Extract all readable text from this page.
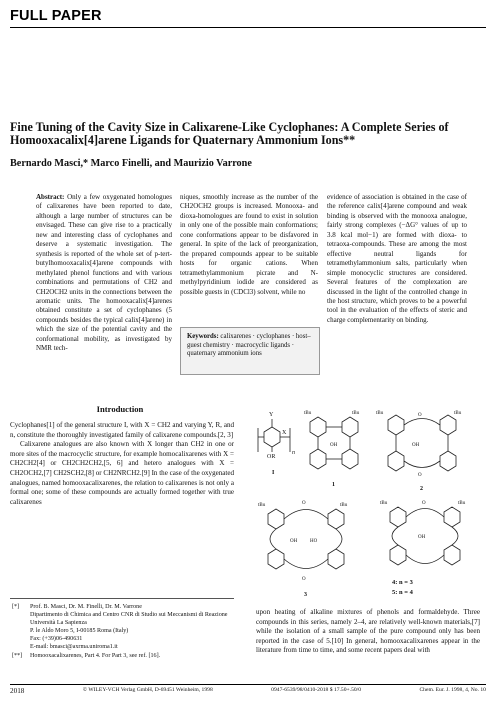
FULL PAPER
Fine Tuning of the Cavity Size in Calixarene-Like Cyclophanes: A Complete Series of Homooxacalix[4]arene Ligands for Quaternary Ammonium Ions**
Bernardo Masci,* Marco Finelli, and Maurizio Varrone
Abstract: Only a few oxygenated homologues of calixarenes have been reported to date, although a large number of structures can be envisaged. These can give rise to a practically new and interesting class of cyclophanes and deserve a systematic investigation. The synthesis is reported of the whole set of p-tert-butylhomooxacalix[4]arene compounds with methylated phenol functions and with various combinations and permutations of CH2 and CH2OCH2 units in the connections between the aromatic units. The homooxacalix[4]arenes obtained constitute a set of cyclophanes (5 compounds besides the typical calix[4]arene) in which the size of the potential cavity and the conformational mobility, as investigated by NMR tech-
niques, smoothly increase as the number of the CH2OCH2 groups is increased. Monooxa- and dioxa-homologues are found to exist in solution in only one of the possible main conformations; cone conformations appear to be disfavored in general. In spite of the lack of preorganization, the prepared compounds appear to be suitable hosts for organic cations. When tetramethylammonium picrate and N-methylpyridinium iodide are considered as possible guests in (CDCl3) solvent, while no
evidence of association is obtained in the case of the reference calix[4]arene compound and weak binding is observed with the monooxa analogue, fairly strong complexes (−ΔG° values of up to 3.8 kcal mol−1) are formed with dioxa- to tetraoxa-compounds. These are among the most effective neutral ligands for tetramethylammonium salts, particularly when simple monocyclic structures are considered. Several features of the complexation are discussed in the light of the controlled change in the host structure, which proves to be a powerful tool in the evaluation of the effects of steric and charge complementarity on binding.
Keywords: calixarenes · cyclophanes · host–guest chemistry · macrocyclic ligands · quaternary ammonium ions
Introduction

Cyclophanes[1] of the general structure I, with X = CH2 and varying Y, R, and n, constitute the thoroughly investigated family of calixarene compounds.[2, 3]

Calixarene analogues are also known with X longer than CH2 in one or more sites of the macrocyclic structure, for example homocalixarenes with X = CH2CH2[4] or CH2CH2CH2,[5, 6] and hetero analogues with X = CH2OCH2,[7] CH2SCH2,[8] or CH2NRCH2.[9] In the case of the oxygenated analogues, named homooxacalixarenes, the relation to calixarenes is not only a formal one; some of these compounds are actually formed together with true calixarenes

[*]	Prof. B. Masci, Dr. M. Finelli, Dr. M. Varrone
Dipartimento di Chimica and Centro CNR di Studio sui Meccanismi di Reazione
Università La Sapienza
P. le Aldo Moro 5, I-00185 Roma (Italy)
Fax: (+39)06-490631
E-mail: bmasci@axrma.uniroma1.it
[**]	Homooxacalixarenes, Part 4. For Part 3, see ref. [16].
upon heating of alkaline mixtures of phenols and formaldehyde. Three compounds in this series, namely 2–4, are relatively well-known materials,[7] while the isolation of a small sample of the pure compound only has been reported in the case of 5.[10] In general, homooxacalixarenes appear in the literature from time to time, and some recent papers deal with
Y
X
OR
n
I
tBu	tBu
OH
1
O
O
tBu	tBu
OH
2
O
O
tBu	tBu
OH	HO
3
O
tBu	tBu
OH
4: n = 3
5: n = 4
2018	© WILEY-VCH Verlag GmbH, D-69451 Weinheim, 1998	0947-6539/98/0410-2018 $ 17.50+.50/0	Chem. Eur. J. 1998, 4, No. 10
